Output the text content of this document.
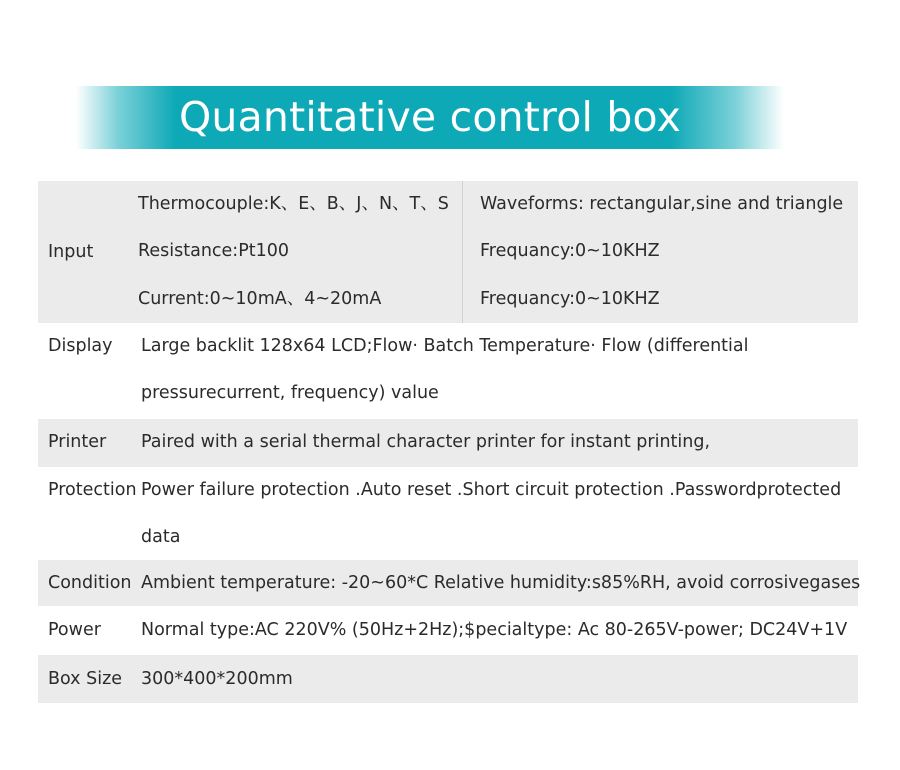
Quantitative control box
Input
Thermocouple:K、E、B、J、N、T、S
Resistance:Pt100
Current:0~10mA、4~20mA
Waveforms: rectangular,sine and triangle
Frequancy:0~10KHZ
Frequancy:0~10KHZ
Display Large backlit 128x64 LCD;Flow· Batch Temperature· Flow (differential
pressurecurrent, frequency) value
Printer Paired with a serial thermal character printer for instant printing,
Protection Power failure protection .Auto reset .Short circuit protection .Passwordprotected
data
Condition Ambient temperature: -20~60*C Relative humidity:s85%RH, avoid corrosivegases
Power Normal type:AC 220V% (50Hz+2Hz);$pecialtype: Ac 80-265V-power; DC24V+1V
Box Size 300*400*200mm
